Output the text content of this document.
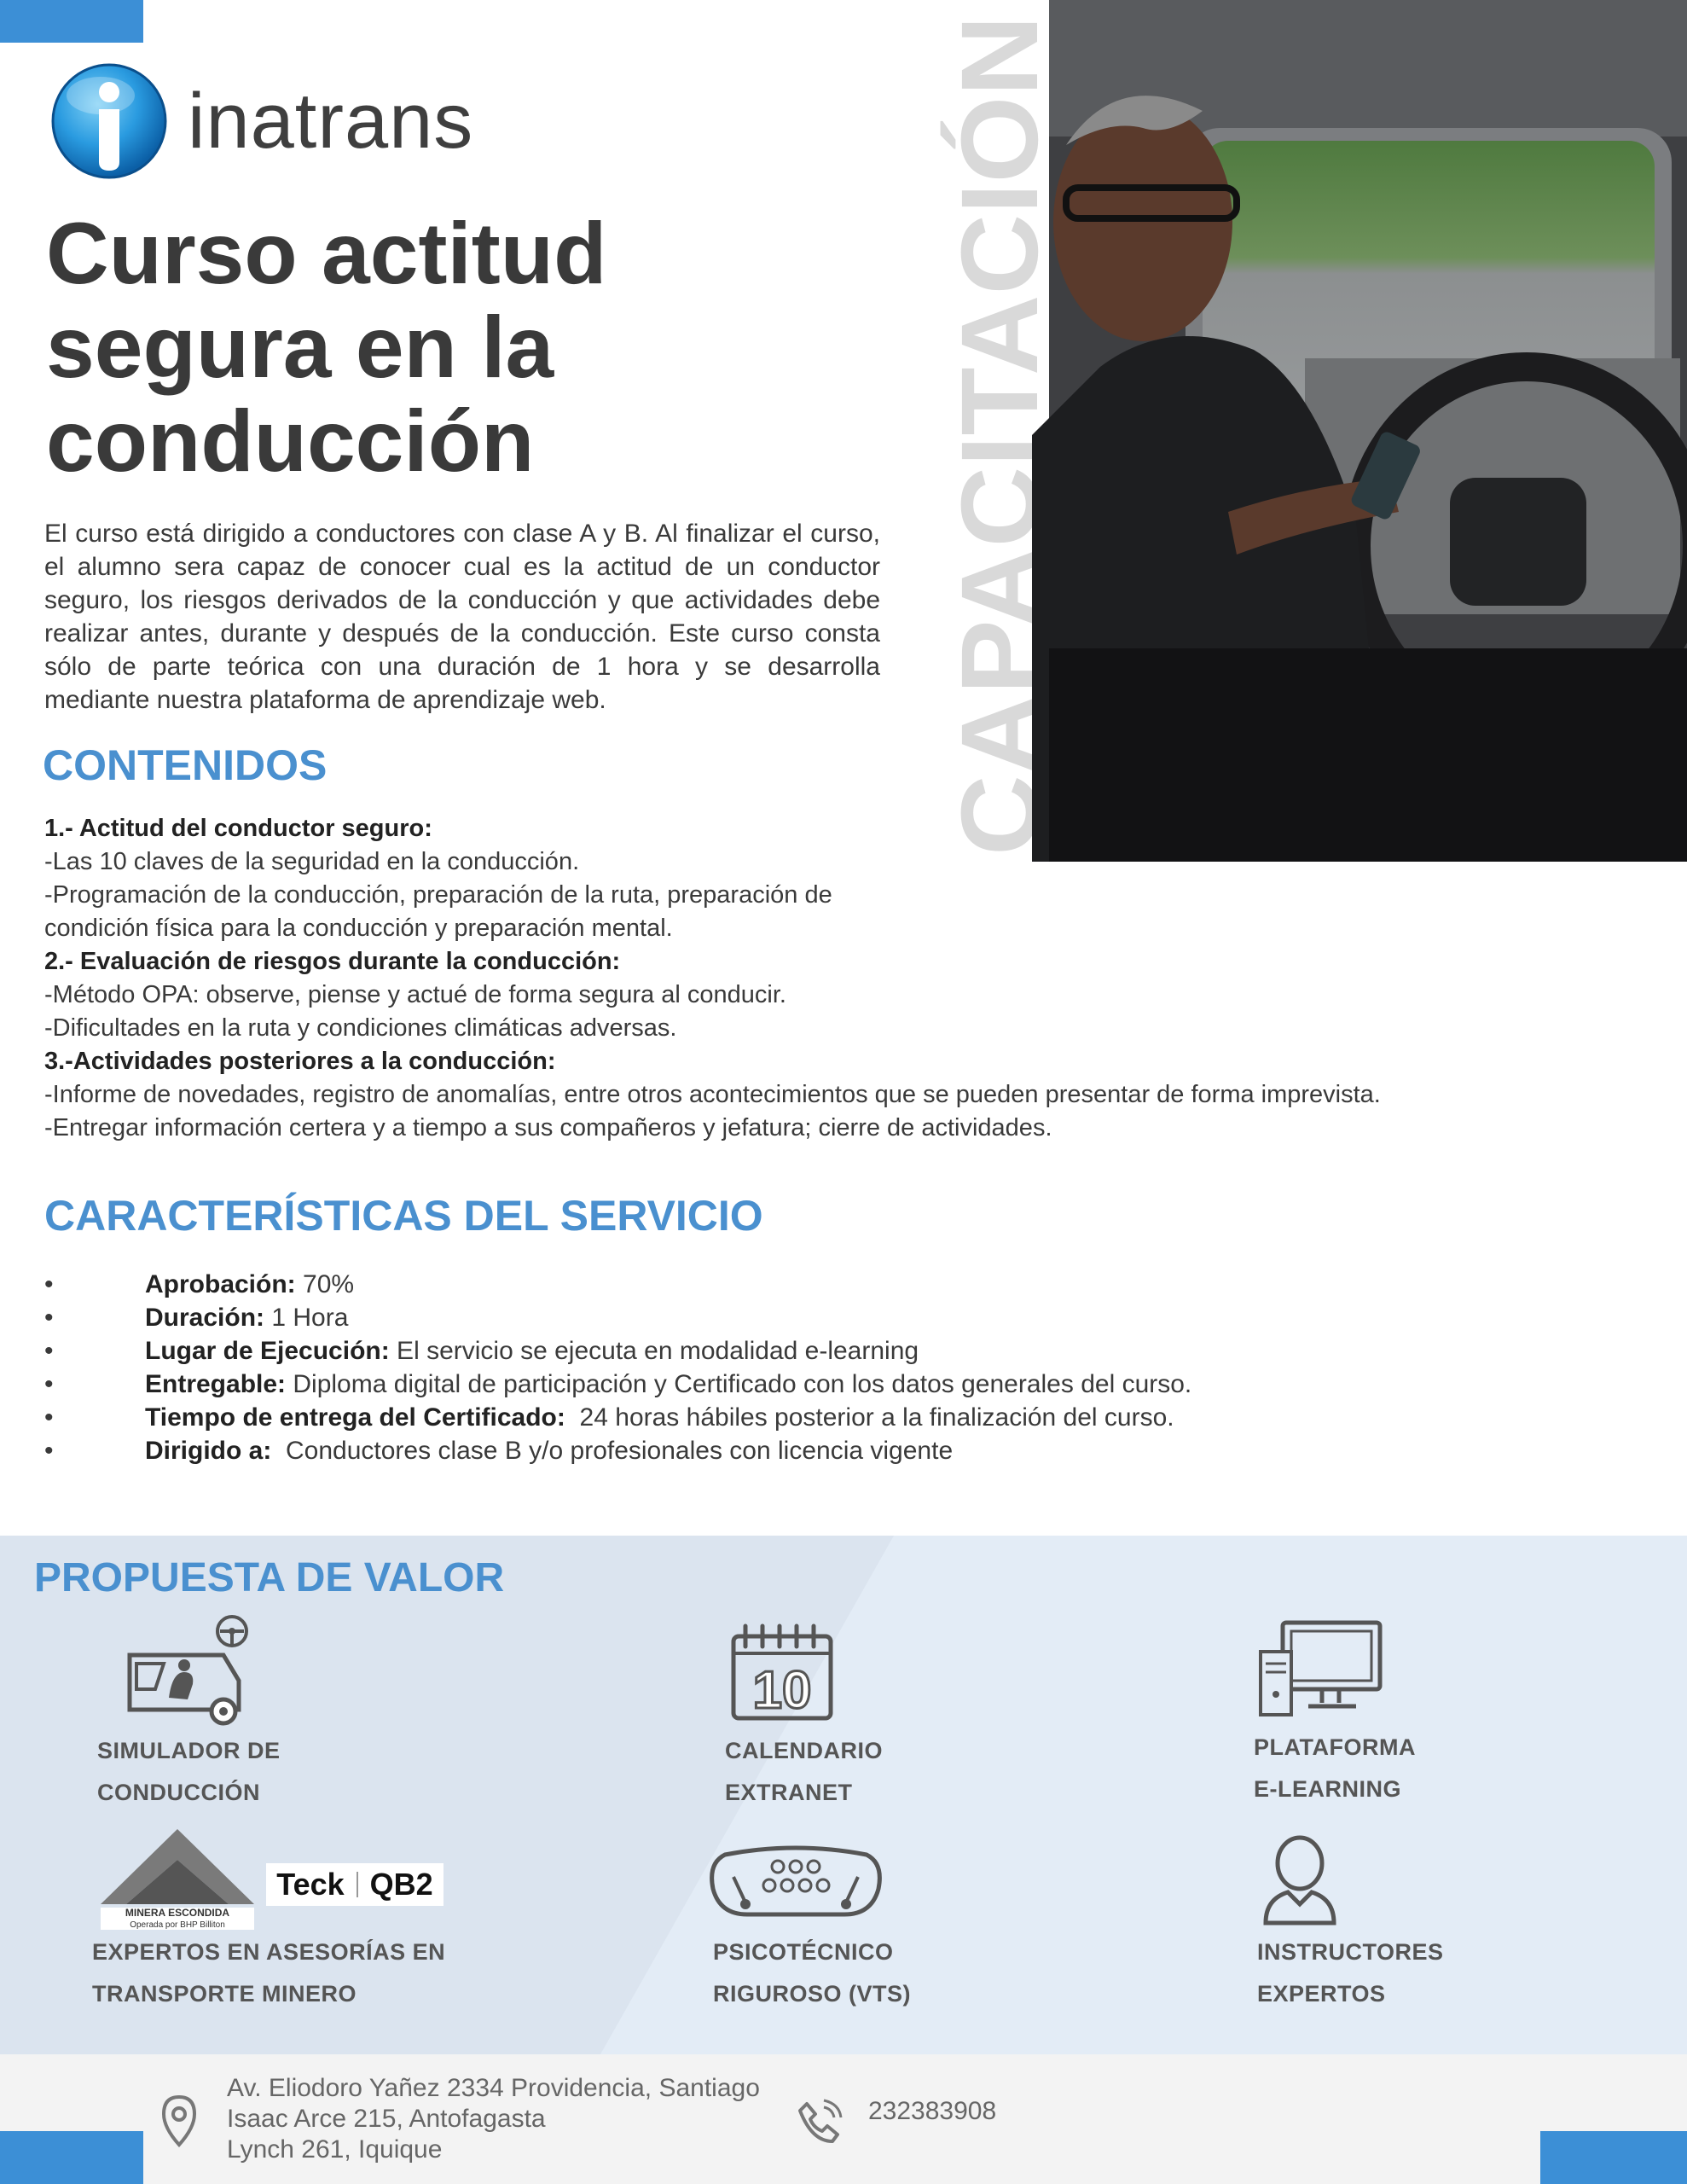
inatrans
Curso actitud
segura en la
conducción

El curso está dirigido a conductores con clase A y B. Al finalizar el curso, el alumno sera capaz de conocer cual es la actitud de un conductor seguro, los riesgos derivados de la conducción y que actividades debe realizar antes, durante y después de la conducción. Este curso consta sólo de parte teórica con una duración de 1 hora y se desarrolla mediante nuestra plataforma de aprendizaje web.	CAPACITACIÓN
CONTENIDOS
1.- Actitud del conductor seguro:
-Las 10 claves de la seguridad en la conducción.
-Programación de la conducción, preparación de la ruta, preparación de
condición física para la conducción y preparación mental.
2.- Evaluación de riesgos durante la conducción:
-Método OPA: observe, piense y actué de forma segura al conducir.
-Dificultades en la ruta y condiciones climáticas adversas.
3.-Actividades posteriores a la conducción:
-Informe de novedades, registro de anomalías, entre otros acontecimientos que se pueden presentar de forma imprevista.
-Entregar información certera y a tiempo a sus compañeros y jefatura; cierre de actividades.
CARACTERÍSTICAS DEL SERVICIO
• Aprobación: 70%
• Duración: 1 Hora
• Lugar de Ejecución: El servicio se ejecuta en modalidad e-learning
• Entregable: Diploma digital de participación y Certificado con los datos generales del curso.
• Tiempo de entrega del Certificado:  24 horas hábiles posterior a la finalización del curso.
• Dirigido a:  Conductores clase B y/o profesionales con licencia vigente
PROPUESTA DE VALOR
SIMULADOR DE
CONDUCCIÓN
10
CALENDARIO
EXTRANET
PLATAFORMA
E-LEARNING
MINERA ESCONDIDA
Operada por BHP Billiton
Teck QB2
EXPERTOS EN ASESORÍAS EN
TRANSPORTE MINERO
PSICOTÉCNICO
RIGUROSO (VTS)
INSTRUCTORES
EXPERTOS
Av. Eliodoro Yañez 2334 Providencia, Santiago
Isaac Arce 215, Antofagasta
Lynch 261, Iquique
232383908
